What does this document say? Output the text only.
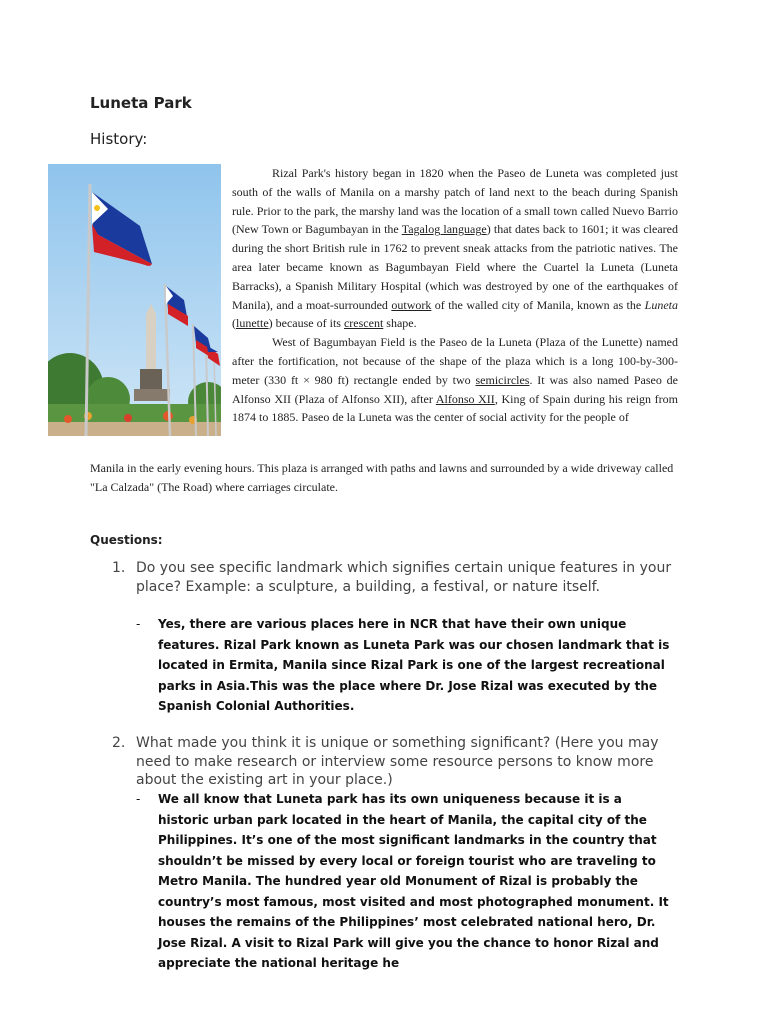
Luneta Park
History:

Rizal Park's history began in 1820 when the Paseo de Luneta was completed just south of the walls of Manila on a marshy patch of land next to the beach during Spanish rule. Prior to the park, the marshy land was the location of a small town called Nuevo Barrio (New Town or Bagumbayan in the Tagalog language) that dates back to 1601; it was cleared during the short British rule in 1762 to prevent sneak attacks from the patriotic natives. The area later became known as Bagumbayan Field where the Cuartel la Luneta (Luneta Barracks), a Spanish Military Hospital (which was destroyed by one of the earthquakes of Manila), and a moat-surrounded outwork of the walled city of Manila, known as the Luneta (lunette) because of its crescent shape.

West of Bagumbayan Field is the Paseo de la Luneta (Plaza of the Lunette) named after the fortification, not because of the shape of the plaza which is a long 100-by-300-meter (330 ft × 980 ft) rectangle ended by two semicircles. It was also named Paseo de Alfonso XII (Plaza of Alfonso XII), after Alfonso XII, King of Spain during his reign from 1874 to 1885. Paseo de la Luneta was the center of social activity for the people of

Manila in the early evening hours. This plaza is arranged with paths and lawns and surrounded by a wide driveway called "La Calzada" (The Road) where carriages circulate.
Questions:
1. Do you see specific landmark which signifies certain unique features in your place? Example: a sculpture, a building, a festival, or nature itself.
- Yes, there are various places here in NCR that have their own unique features. Rizal Park known as Luneta Park was our chosen landmark that is located in Ermita, Manila since Rizal Park is one of the largest recreational parks in Asia.This was the place where Dr. Jose Rizal was executed by the Spanish Colonial Authorities.
2. What made you think it is unique or something significant? (Here you may need to make research or interview some resource persons to know more about the existing art in your place.)
- We all know that Luneta park has its own uniqueness because it is a historic urban park located in the heart of Manila, the capital city of the Philippines. It’s one of the most significant landmarks in the country that shouldn’t be missed by every local or foreign tourist who are traveling to Metro Manila. The hundred year old Monument of Rizal is probably the country’s most famous, most visited and most photographed monument. It houses the remains of the Philippines’ most celebrated national hero, Dr. Jose Rizal. A visit to Rizal Park will give you the chance to honor Rizal and appreciate the national heritage he
